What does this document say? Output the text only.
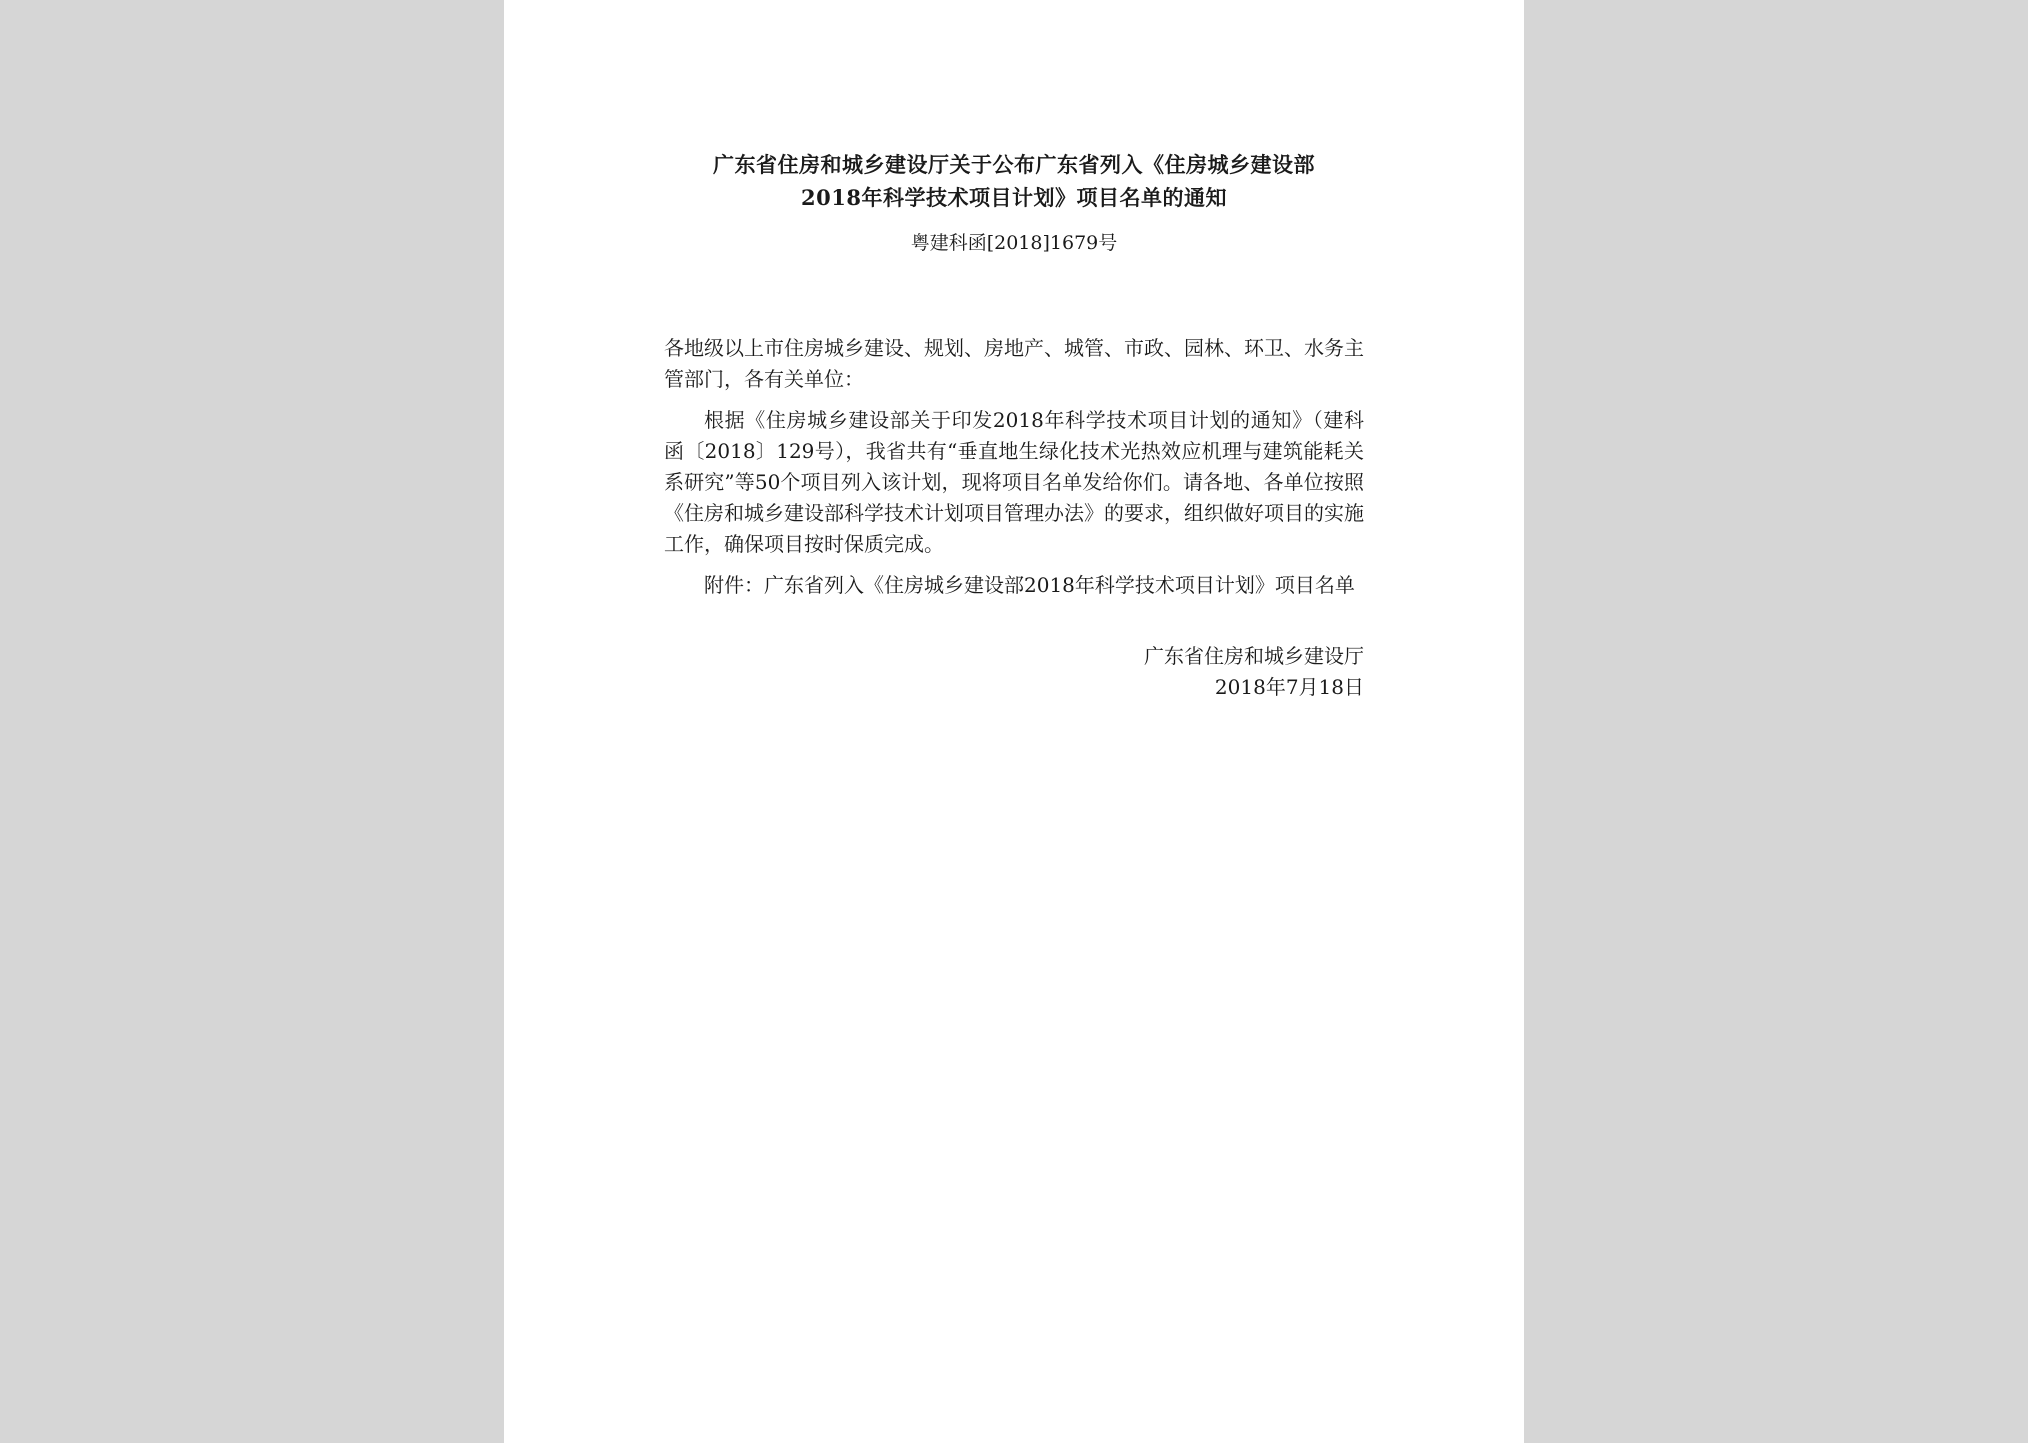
广东省住房和城乡建设厅关于公布广东省列入《住房城乡建设部
2018年科学技术项目计划》项目名单的通知
粤建科函[2018]1679号
各地级以上市住房城乡建设、规划、房地产、城管、市政、园林、环卫、水务主管部门，各有关单位：

根据《住房城乡建设部关于印发2018年科学技术项目计划的通知》（建科函〔2018〕129号），我省共有“垂直地生绿化技术光热效应机理与建筑能耗关系研究”等50个项目列入该计划，现将项目名单发给你们。请各地、各单位按照《住房和城乡建设部科学技术计划项目管理办法》的要求，组织做好项目的实施工作，确保项目按时保质完成。

附件：广东省列入《住房城乡建设部2018年科学技术项目计划》项目名单

广东省住房和城乡建设厅
2018年7月18日
